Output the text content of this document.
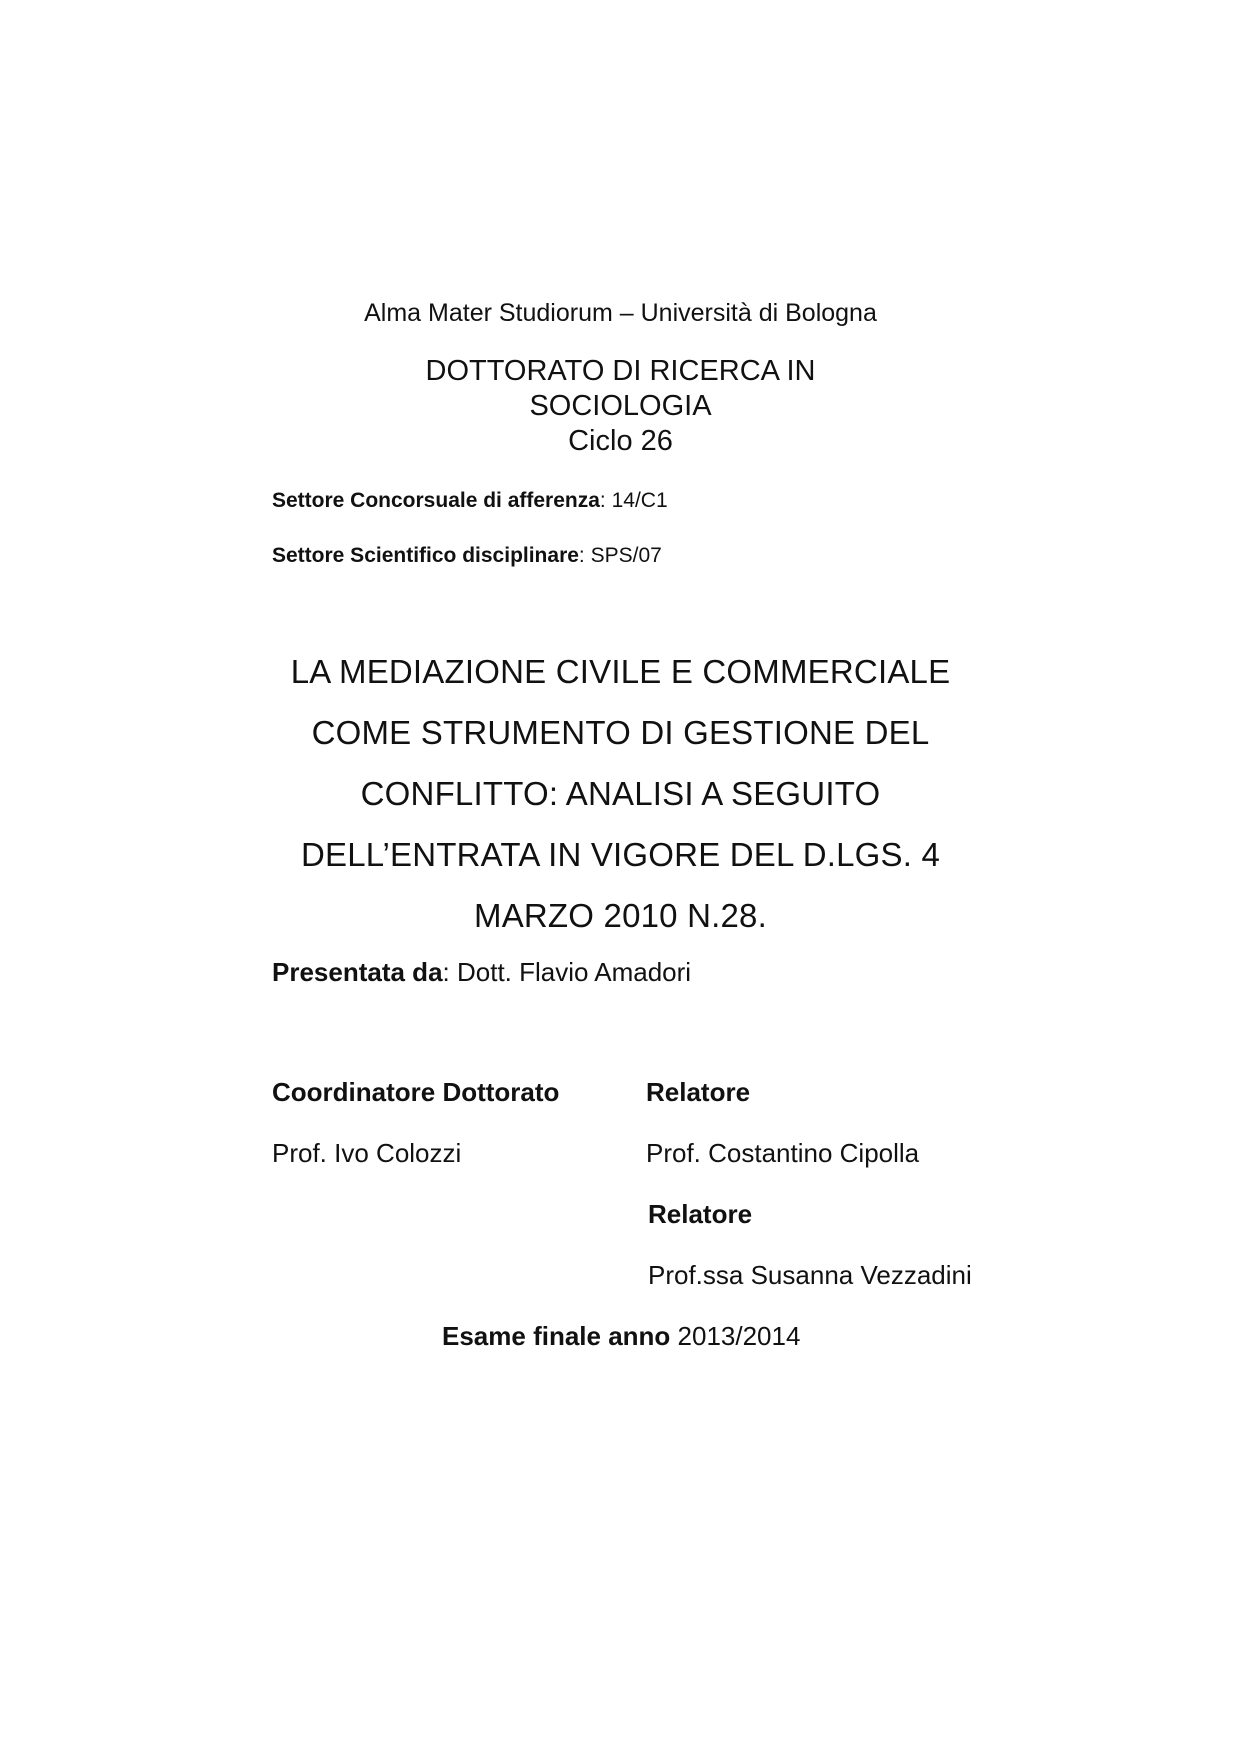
Alma Mater Studiorum – Università di Bologna
DOTTORATO DI RICERCA IN
SOCIOLOGIA
Ciclo 26
Settore Concorsuale di afferenza: 14/C1
Settore Scientifico disciplinare: SPS/07
LA MEDIAZIONE CIVILE E COMMERCIALE
COME STRUMENTO DI GESTIONE DEL
CONFLITTO: ANALISI A SEGUITO
DELL’ENTRATA IN VIGORE DEL D.LGS. 4
MARZO 2010 N.28.
Presentata da: Dott. Flavio Amadori
Coordinatore Dottorato
Prof. Ivo Colozzi
Relatore
Prof. Costantino Cipolla
Relatore
Prof.ssa Susanna Vezzadini
Esame finale anno 2013/2014
